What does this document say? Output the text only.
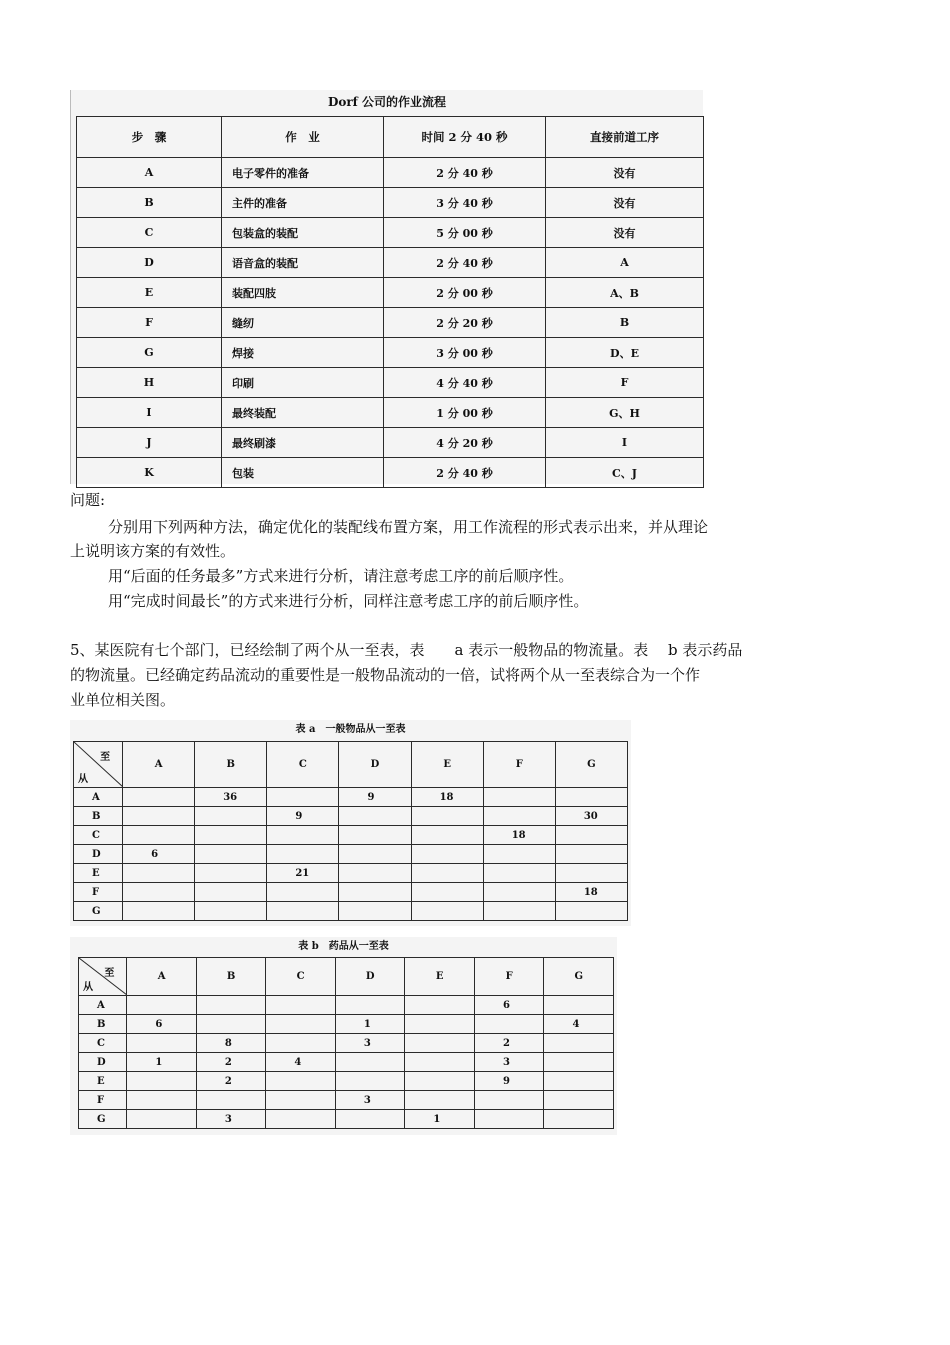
Dorf 公司的作业流程
步　骤	作　业	时间 2 分 40 秒	直接前道工序
A	电子零件的准备	2 分 40 秒	没有
B	主件的准备	3 分 40 秒	没有
C	包装盒的装配	5 分 00 秒	没有
D	语音盒的装配	2 分 40 秒	A
E	装配四肢	2 分 00 秒	A、B
F	缝纫	2 分 20 秒	B
G	焊接	3 分 00 秒	D、E
H	印刷	4 分 40 秒	F
I	最终装配	1 分 00 秒	G、H
J	最终刷漆	4 分 20 秒	I
K	包装	2 分 40 秒	C、J
问题:
分别用下列两种方法，确定优化的装配线布置方案，用工作流程的形式表示出来，并从理论
上说明该方案的有效性。
用“后面的任务最多”方式来进行分析，请注意考虑工序的前后顺序性。
用“完成时间最长”的方式来进行分析，同样注意考虑工序的前后顺序性。
5、某医院有七个部门，已经绘制了两个从一至表，表　　a 表示一般物品的物流量。表　 b 表示药品
的物流量。已经确定药品流动的重要性是一般物品流动的一倍，试将两个从一至表综合为一个作
业单位相关图。
表 a　一般物品从一至表
至
从	A	B	C	D	E	F	G
A		36		9	18		
B			9				30
C						18	
D	6						
E			21				
F							18
G							
表 b　药品从一至表
至
从	A	B	C	D	E	F	G
A						6	
B	6			1			4
C		8		3		2	
D	1	2	4			3	
E		2				9	
F				3			
G		3			1		
